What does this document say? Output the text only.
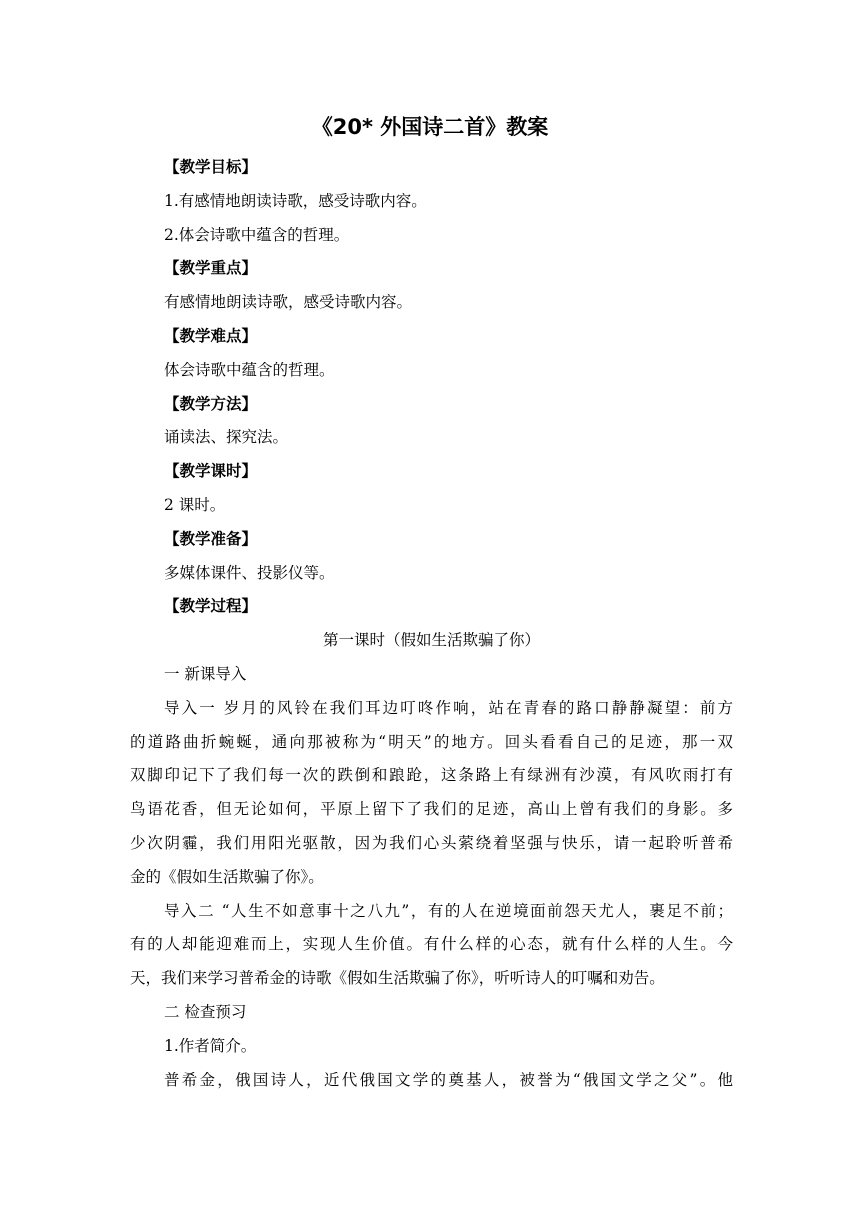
《20* 外国诗二首》教案
【教学目标】
1.有感情地朗读诗歌，感受诗歌内容。
2.体会诗歌中蕴含的哲理。
【教学重点】
有感情地朗读诗歌，感受诗歌内容。
【教学难点】
体会诗歌中蕴含的哲理。
【教学方法】
诵读法、探究法。
【教学课时】
2 课时。
【教学准备】
多媒体课件、投影仪等。
【教学过程】
第一课时（假如生活欺骗了你）
一 新课导入
导入一 岁月的风铃在我们耳边叮咚作响，站在青春的路口静静凝望：前方
的道路曲折蜿蜒，通向那被称为“明天”的地方。回头看看自己的足迹，那一双
双脚印记下了我们每一次的跌倒和踉跄，这条路上有绿洲有沙漠，有风吹雨打有
鸟语花香，但无论如何，平原上留下了我们的足迹，高山上曾有我们的身影。多
少次阴霾，我们用阳光驱散，因为我们心头萦绕着坚强与快乐，请一起聆听普希
金的《假如生活欺骗了你》。
导入二 “人生不如意事十之八九”，有的人在逆境面前怨天尤人，裹足不前；
有的人却能迎难而上，实现人生价值。有什么样的心态，就有什么样的人生。今
天，我们来学习普希金的诗歌《假如生活欺骗了你》，听听诗人的叮嘱和劝告。
二 检查预习
1.作者简介。
普希金，俄国诗人，近代俄国文学的奠基人，被誉为“俄国文学之父”。他
